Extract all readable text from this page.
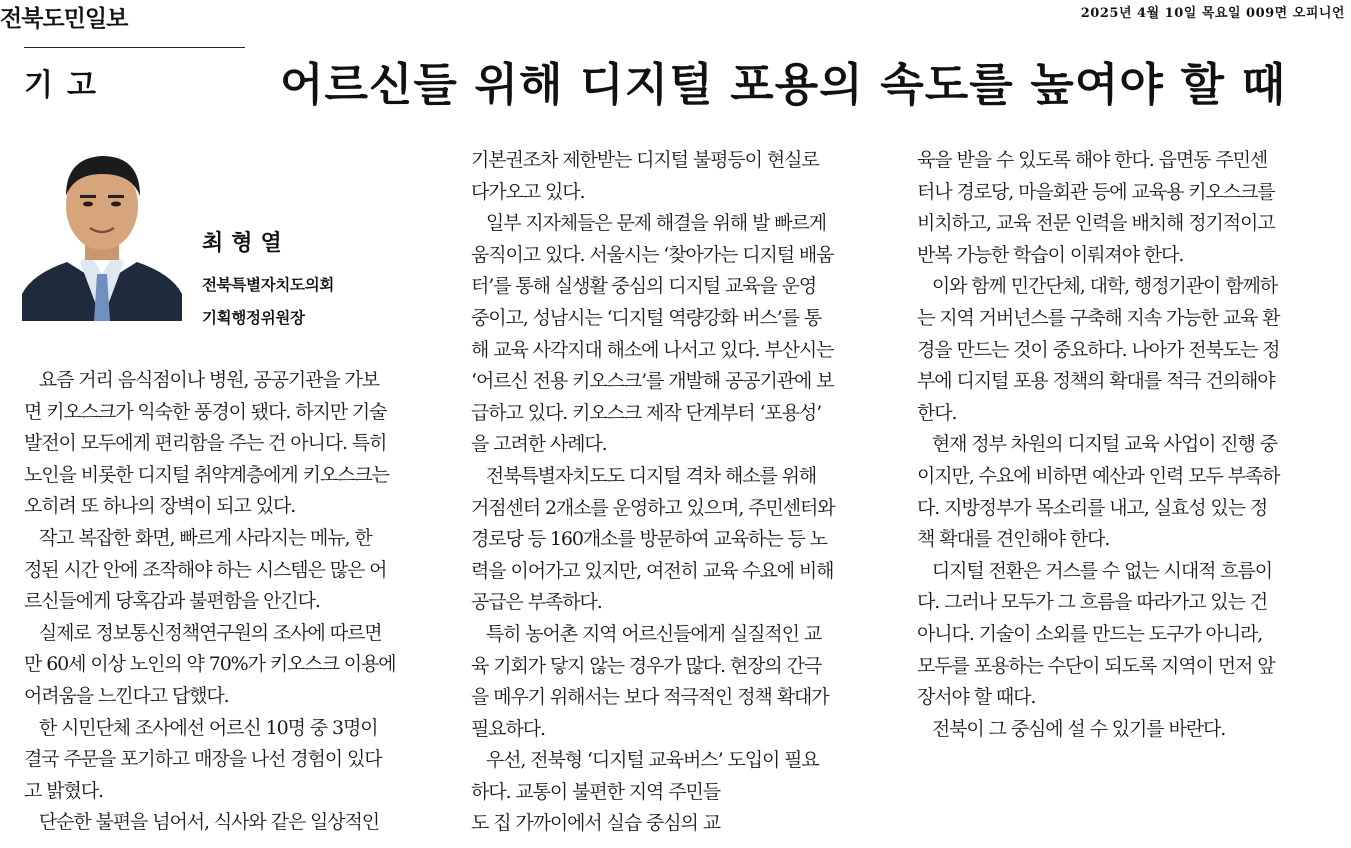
전북도민일보	2025년 4월 10일 목요일 009면 오피니언
기고	어르신들 위해 디지털 포용의 속도를 높여야 할 때
최형열
전북특별자치도의회
기획행정위원장
요즘 거리 음식점이나 병원, 공공기관을 가보
면 키오스크가 익숙한 풍경이 됐다. 하지만 기술
발전이 모두에게 편리함을 주는 건 아니다. 특히
노인을 비롯한 디지털 취약계층에게 키오스크는
오히려 또 하나의 장벽이 되고 있다.
작고 복잡한 화면, 빠르게 사라지는 메뉴, 한
정된 시간 안에 조작해야 하는 시스템은 많은 어
르신들에게 당혹감과 불편함을 안긴다.
실제로 정보통신정책연구원의 조사에 따르면
만 60세 이상 노인의 약 70%가 키오스크 이용에
어려움을 느낀다고 답했다.
한 시민단체 조사에선 어르신 10명 중 3명이
결국 주문을 포기하고 매장을 나선 경험이 있다
고 밝혔다.
단순한 불편을 넘어서, 식사와 같은 일상적인
기본권조차 제한받는 디지털 불평등이 현실로
다가오고 있다.
일부 지자체들은 문제 해결을 위해 발 빠르게
움직이고 있다. 서울시는 ‘찾아가는 디지털 배움
터’를 통해 실생활 중심의 디지털 교육을 운영
중이고, 성남시는 ‘디지털 역량강화 버스’를 통
해 교육 사각지대 해소에 나서고 있다. 부산시는
‘어르신 전용 키오스크’를 개발해 공공기관에 보
급하고 있다. 키오스크 제작 단계부터 ‘포용성’
을 고려한 사례다.
전북특별자치도도 디지털 격차 해소를 위해
거점센터 2개소를 운영하고 있으며, 주민센터와
경로당 등 160개소를 방문하여 교육하는 등 노
력을 이어가고 있지만, 여전히 교육 수요에 비해
공급은 부족하다.
특히 농어촌 지역 어르신들에게 실질적인 교
육 기회가 닿지 않는 경우가 많다. 현장의 간극
을 메우기 위해서는 보다 적극적인 정책 확대가
필요하다.
우선, 전북형 ‘디지털 교육버스’ 도입이 필요
하다. 교통이 불편한 지역 주민들
도 집 가까이에서 실습 중심의 교
육을 받을 수 있도록 해야 한다. 읍면동 주민센
터나 경로당, 마을회관 등에 교육용 키오스크를
비치하고, 교육 전문 인력을 배치해 정기적이고
반복 가능한 학습이 이뤄져야 한다.
이와 함께 민간단체, 대학, 행정기관이 함께하
는 지역 거버넌스를 구축해 지속 가능한 교육 환
경을 만드는 것이 중요하다. 나아가 전북도는 정
부에 디지털 포용 정책의 확대를 적극 건의해야
한다.
현재 정부 차원의 디지털 교육 사업이 진행 중
이지만, 수요에 비하면 예산과 인력 모두 부족하
다. 지방정부가 목소리를 내고, 실효성 있는 정
책 확대를 견인해야 한다.
디지털 전환은 거스를 수 없는 시대적 흐름이
다. 그러나 모두가 그 흐름을 따라가고 있는 건
아니다. 기술이 소외를 만드는 도구가 아니라,
모두를 포용하는 수단이 되도록 지역이 먼저 앞
장서야 할 때다.
전북이 그 중심에 설 수 있기를 바란다.
